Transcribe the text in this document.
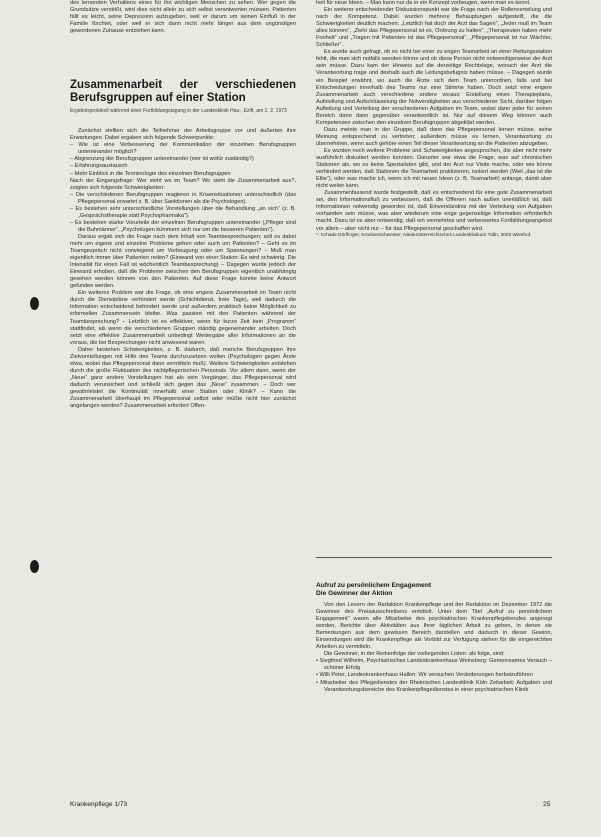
des lernenden Verhaltens eines für ihn wichtigen Menschen zu sehen. Wer gegen die Grundsätze verstößt, wird dies nicht allein zu sich selbst verantworten müssen. Patienten fällt es leicht, seine Depression aufzugeben, weil er darum um seinen Einfluß in der Familie fürchtet, oder weil er sich dann nicht mehr länger aus dem ungünstigen gewordenen Zuhause entziehen kann.

Zusammenarbeit der verschiedenen Berufsgruppen auf einer Station
Ergebnisprotokoll während einer Fortbildungstagung in der Landesklinik Hau-, Ezift, am 1. 2. 1973

Zunächst stellten sich die Teilnehmer der Arbeitsgruppe vor und äußerten ihre Erwartungen. Dabei ergaben sich folgende Schwerpunkte:

– Wie ist eine Verbesserung der Kommunikation der einzelnen Berufsgruppen untereinander möglich?

– Abgrenzung der Berufsgruppen untereinander (wer ist wofür zuständig?)

– Erfahrungsaustausch

– Mehr Einblick in die Terminologie des einzelnen Berufsgruppen

Nach der Eingangsfrage: Wer steht wo im Team? Wo sieht die Zusammenarbeit aus?, zeigten sich folgende Schwierigkeiten:

– Die verschiedenen Berufsgruppen reagieren in Krisensituationen unterschiedlich (das Pflegepersonal erwartet z. B. über Sanktionen als die Psychologen).

– Es bestehen sehr unterschiedliche Vorstellungen über die Behandlung „an sich“ (z. B. „Gesprächstherapie statt Psychopharmaka“).

– Es bestehen starke Vorurteile der einzelnen Berufsgruppen untereinander („Pfleger sind die Buhmänner“, „Psychologen kümmern sich nur um die besseren Patienten“).

Daraus ergab sich die Frage nach dem Inhalt von Teambesprechungen; soll es dabei mehr um eigene und einzelne Probleme gehen oder auch um Patienten? – Geht es im Teamgespräch nicht vorwiegend um Vorbeugung oder um Spannungen? – Muß man eigentlich immer über Patienten reden? (Einwand von einer Station: Es wird schwierig. Die Intensität für einen Fall ist wöchentlich Teambesprechung) – Dagegen wurde jedoch der Einwand erhoben, daß die Probleme zwischen den Berufsgruppen eigentlich unabhängig gesehen werden können von den Patienten. Auf diese Frage konnte keine Antwort gefunden werden.

Ein weiteres Problem war die Frage, ob eine engere Zusammenarbeit im Team nicht durch die Dienstpläne verhindert werde (Schichtdienst, freie Tage), weil dadurch die Information entscheidend behindert werde und außerdem praktisch keine Möglichkeit zu informellen Zusammensein bleibe. Was passiert mit den Patienten während der Teambesprechung? – Letztlich ist es effektiver, wenn für kurze Zeit kein „Programm“ stattfindet, als wenn die verschiedenen Gruppen ständig gegeneinander arbeiten. Doch setzt eine effektive Zusammenarbeit unbedingt Weitergabe aller Informationen an die voraus, die bei Besprechungen nicht anwesend waren.

Daher bestehen Schwierigkeiten, z. B. dadurch, daß manche Berufsgruppen ihre Zielvorstellungen mit Hilfe des Teams durchzusetzen wollen (Psychologen gegen Ärzte etwa, wobei das Pflegepersonal dann vermitteln muß). Weitere Schwierigkeiten entstehen durch die große Fluktuation des nichtpflegerischen Personals. Vor allem dann, wenn der „Neue“ ganz andere Vorstellungen hat als sein Vorgänger, das Pflegepersonal wird dadurch verunsichert und schließt sich gegen das „Neue“ zusammen. – Doch wer gewährleistet die Kontinuität innerhalb einer Station oder Klinik? – Kann die Zusammenarbeit überhaupt im Pflegepersonal selbst oder müßte nicht hier zunächst angefangen werden? Zusammenarbeit erfordert Offen-

heit für neue Ideen. – Man kann nur da in ein Konzept vorbeugen, wenn man es kennt.

Ein weiterer entscheidender Diskussionspunkt war die Frage nach der Rollenverteilung und nach der Kompetenz. Dabei wurden mehrere Behauptungen aufgestellt, die die Schwierigkeiten deutlich machen: „Letztlich hat doch der Arzt das Sagen“, „Jeder muß im Team alles können“, „Zieht das Pflegepersonal ist es, Ordnung zu halten“, „Therapeuten haben mehr Freiheit“ und „Tragen mit Patienten ist das Pflegepersonal“, „Pflegepersonal ist nur Wächter, Schließer“.

Es wurde auch gefragt, ob es nicht bei einer zu engen Teamarbeit an einer Rettungsstation fehlt, die man sich notfalls wenden könne und ob diese Person nicht notwendigerweise der Arzt sein müsse. Dazu kam der Hinweis auf die derzeitige Rechtslage, wonach der Arzt die Verantwortung trage und deshalb auch die Leitungsbefugnis haben müsse. – Dagegen wurde ein Beispiel erwähnt, wo auch die Ärzte sich dem Team unterordnen, falls und bei Entscheidungen innerhalb des Teams nur eine Stimme haben. Doch setzt eine engere Zusammenarbeit auch verschiedene andere voraus: Erstellung eines Therapieplans, Aufstellung und Aufschlüsselung der Notwendigkeiten aus verschiedener Sicht, darüber folgen Aufteilung und Verteilung der verschiedenen Aufgaben im Team, wobei dann jeder für seinen Bereich dann dann gegenüber verantwortlich ist. Nur auf diesem Weg können auch Kompetenzen zwischen den einzelnen Berufsgruppen abgeklärt werden.

Dazu meinte man in der Gruppe, daß dann das Pflegepersonal lernen müsse, seine Meinung entsprechend zu vertreten; außerdem müsse es lernen, Verantwortung zu übernehmen, wenn auch gehöre einen Teil dieser Verantwortung an die Patienten abzugeben.

Es wurden noch weitere Probleme und Schwierigkeiten angesprochen, die aber nicht mehr ausführlich diskutiert werden konnten. Darunter war etwa die Frage, was auf chronischen Stationen als, wo es keine Spezialisten gibt, und der Arzt nur Visite mache, oder wie könne verhindert werden, daß Stationen die Teamarbeit praktizieren, isoliert werden (Weil „das ist die Elite“), oder was mache ich, wenn ich mit neuen Ideen (z. B. Teamarbeit) anfange, damit aber nicht weiter kann.

Zusammenfassend wurde festgestellt, daß es entscheidend für eine gute Zusammenarbeit sei, den Informationsfluß zu verbessern, daß die Offenen nach außen unerläßlich ist, daß Informationen notwendig geworden ist, daß Einverständnis mit der Verteilung von Aufgaben vorhanden sein müsse, was aber wiederum eine enge gegenseitige Information erforderlich macht. Dazu ist es aber notwendig, daß ein vermehrtes und verbessertes Fortbildungsangebot vor allem – aber nicht nur – für das Pflegepersonal geschaffen wird.

*: Schade Dörflinger, Krankenschwester, Niederösterreichisches Landesklinikum Tulln, 3003 Wienhof.

Aufruf zu persönlichem Engagement

Die Gewinner der Aktion

Von den Lesern der Redaktion Krankenpflege und der Redaktion im Dezember 1972 die Gewinner des Preisausschreibens ermittelt. Unter dem Titel „Aufruf zu persönlichem Engagement“ waren alle Mitarbeiter des psychiatrischen Krankenpflegeberufes angeregt worden, Berichte über Aktivitäten aus Ihrer täglichen Arbeit zu geben, in denen sie Bemerkungen aus dem gewissen Bereich darstellen und dadurch in dieser Gewinn, Einsendungen wird die Krankenpflege als Vorbild zur Verfügung stehen für die eingereichten Arbeiten zu vermitteln.

Die Gewinner, in der Reihenfolge der vorliegenden Listen: als folge, sind:

• Siegfried Wilhelm, Psychiatrisches Landeskrankenhaus Weinsberg: Gemeinsames Versuch – schöner Erfolg

• Willi Peter, Landeskrankenhaus Hallen: Wir versuchen Veränderungen herbeizuführen

• Mitarbeiter des Pflegedienstes der Rheinischen Landesklinik Köln Zeitarbeit: Aufgaben und Verantwortungsbereiche des Krankenpflegedienstes in einer psychiatrischen Klinik

Krankenpflege 1/73	25
